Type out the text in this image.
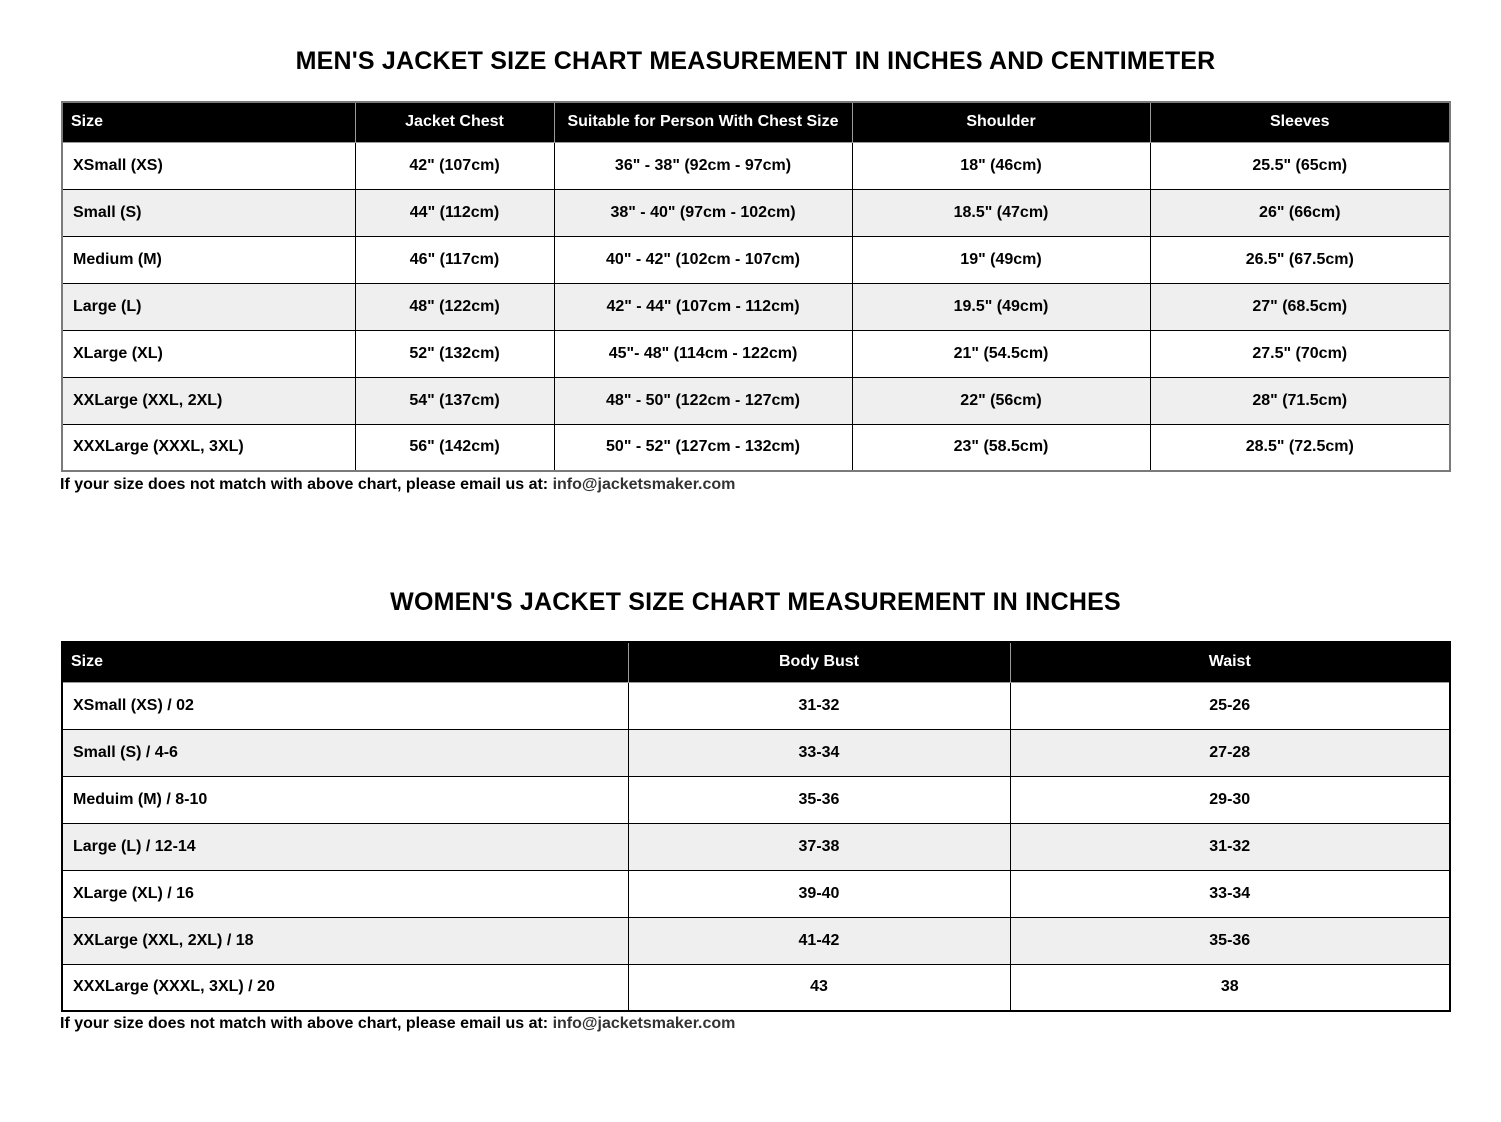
MEN'S JACKET SIZE CHART MEASUREMENT IN INCHES AND CENTIMETER
Size	Jacket Chest	Suitable for Person With Chest Size	Shoulder	Sleeves
XSmall (XS)	42" (107cm)	36" - 38" (92cm - 97cm)	18" (46cm)	25.5" (65cm)
Small (S)	44" (112cm)	38" - 40" (97cm - 102cm)	18.5" (47cm)	26" (66cm)
Medium (M)	46" (117cm)	40" - 42" (102cm - 107cm)	19" (49cm)	26.5" (67.5cm)
Large (L)	48" (122cm)	42" - 44" (107cm - 112cm)	19.5" (49cm)	27" (68.5cm)
XLarge (XL)	52" (132cm)	45"- 48" (114cm - 122cm)	21" (54.5cm)	27.5" (70cm)
XXLarge (XXL, 2XL)	54" (137cm)	48" - 50" (122cm - 127cm)	22" (56cm)	28" (71.5cm)
XXXLarge (XXXL, 3XL)	56" (142cm)	50" - 52" (127cm - 132cm)	23" (58.5cm)	28.5" (72.5cm)

If your size does not match with above chart, please email us at: info@jacketsmaker.com

WOMEN'S JACKET SIZE CHART MEASUREMENT IN INCHES
Size	Body Bust	Waist
XSmall (XS) / 02	31-32	25-26
Small (S) / 4-6	33-34	27-28
Meduim (M) / 8-10	35-36	29-30
Large (L) / 12-14	37-38	31-32
XLarge (XL) / 16	39-40	33-34
XXLarge (XXL, 2XL) / 18	41-42	35-36
XXXLarge (XXXL, 3XL) / 20	43	38

If your size does not match with above chart, please email us at: info@jacketsmaker.com
